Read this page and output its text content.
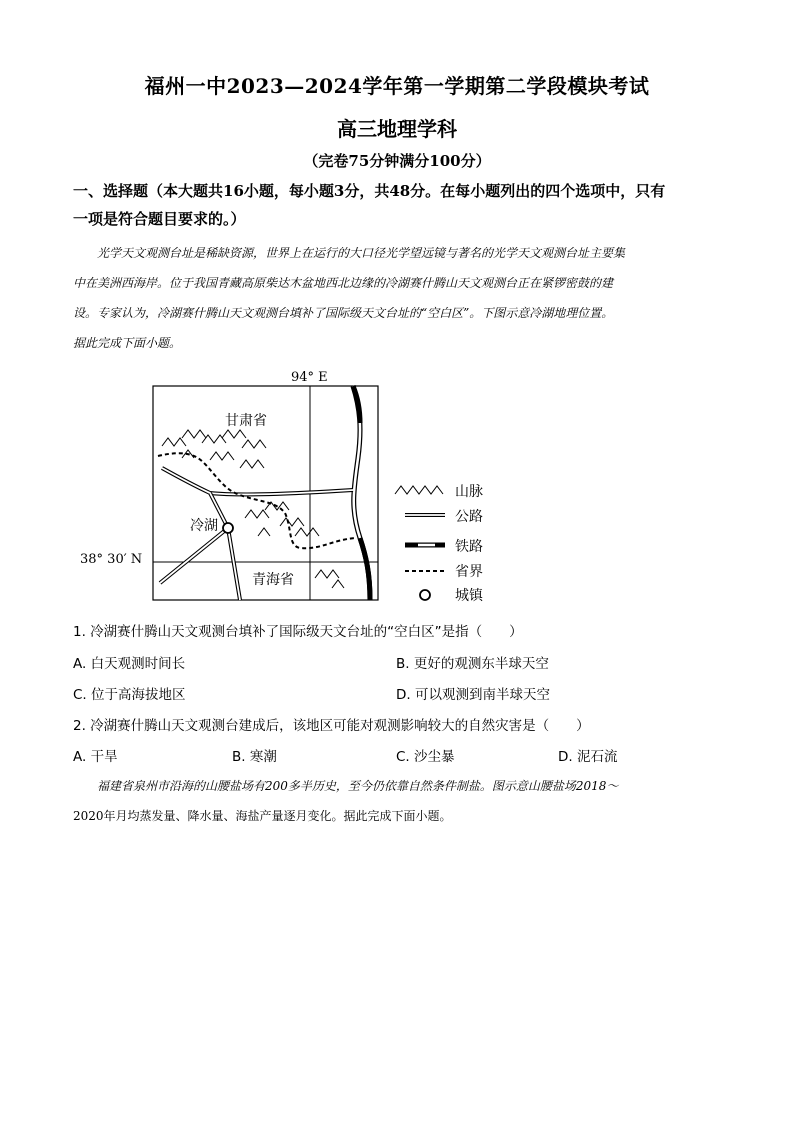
福州一中2023—2024学年第一学期第二学段模块考试
高三地理学科
（完卷75分钟满分100分）
一、选择题（本大题共16小题，每小题3分，共48分。在每小题列出的四个选项中，只有
一项是符合题目要求的。）
光学天文观测台址是稀缺资源，世界上在运行的大口径光学望远镜与著名的光学天文观测台址主要集
中在美洲西海岸。位于我国青藏高原柴达木盆地西北边缘的冷湖赛什腾山天文观测台正在紧锣密鼓的建
设。专家认为，冷湖赛什腾山天文观测台填补了国际级天文台址的“空白区”。下图示意冷湖地理位置。
据此完成下面小题。
94° E
38° 30′ N
甘肃省
青海省
冷湖
山脉
公路
铁路
省界
城镇
1. 冷湖赛什腾山天文观测台填补了国际级天文台址的“空白区”是指（　　）
A. 白天观测时间长	B. 更好的观测东半球天空
C. 位于高海拔地区	D. 可以观测到南半球天空
2. 冷湖赛什腾山天文观测台建成后，该地区可能对观测影响较大的自然灾害是（　　）
A. 干旱	B. 寒潮	C. 沙尘暴	D. 泥石流
福建省泉州市沿海的山腰盐场有200多半历史，至今仍依靠自然条件制盐。图示意山腰盐场2018～
2020年月均蒸发量、降水量、海盐产量逐月变化。据此完成下面小题。
